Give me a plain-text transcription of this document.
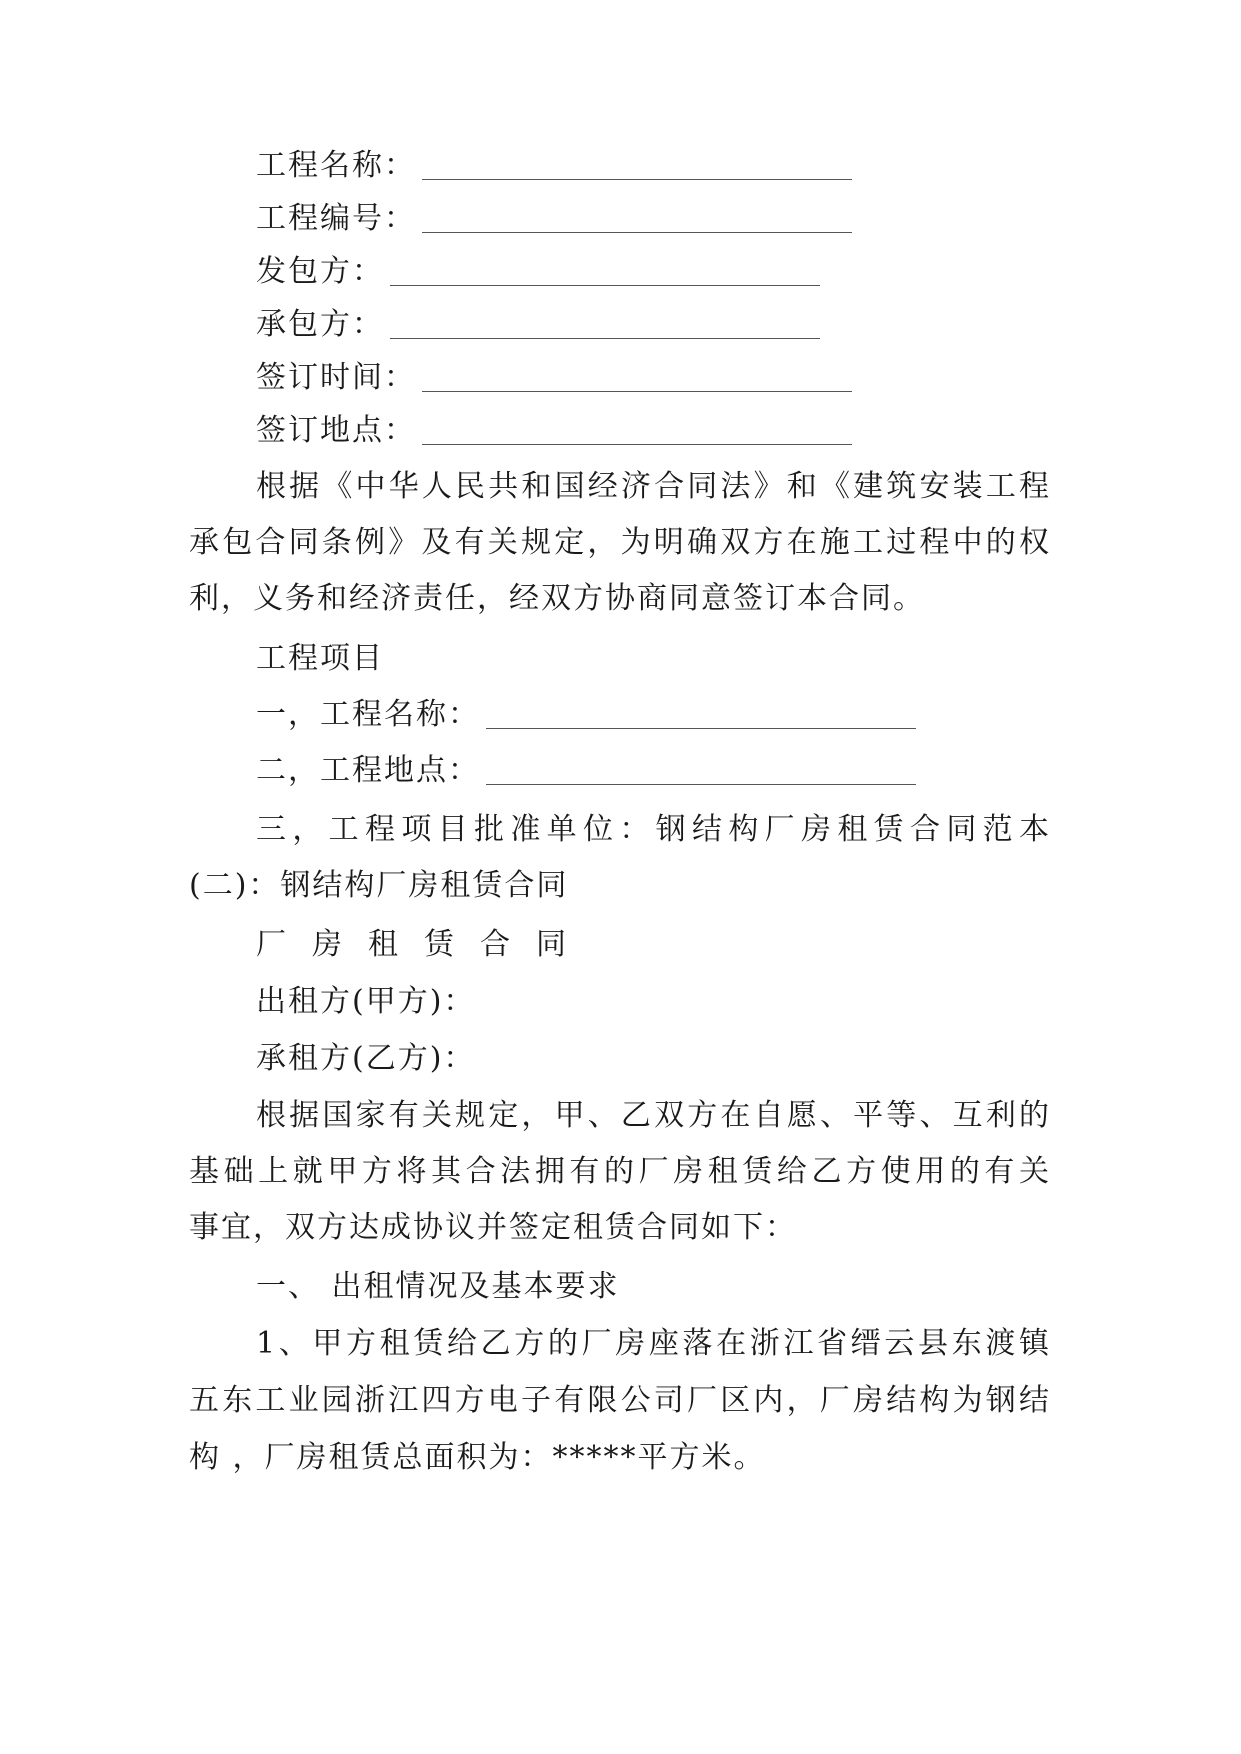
工程名称：
工程编号：
发包方：
承包方：
签订时间：
签订地点：
根据《中华人民共和国经济合同法》和《建筑安装工程
承包合同条例》及有关规定，为明确双方在施工过程中的权
利，义务和经济责任，经双方协商同意签订本合同。
工程项目
一，工程名称：
二，工程地点：
三，工程项目批准单位：钢结构厂房租赁合同范本
(二)：钢结构厂房租赁合同
厂房租赁合同
出租方(甲方)：
承租方(乙方)：
根据国家有关规定，甲、乙双方在自愿、平等、互利的
基础上就甲方将其合法拥有的厂房租赁给乙方使用的有关
事宜，双方达成协议并签定租赁合同如下：
一、 出租情况及基本要求
1、甲方租赁给乙方的厂房座落在浙江省缙云县东渡镇
五东工业园浙江四方电子有限公司厂区内，厂房结构为钢结
构 ，厂房租赁总面积为：*****平方米。
